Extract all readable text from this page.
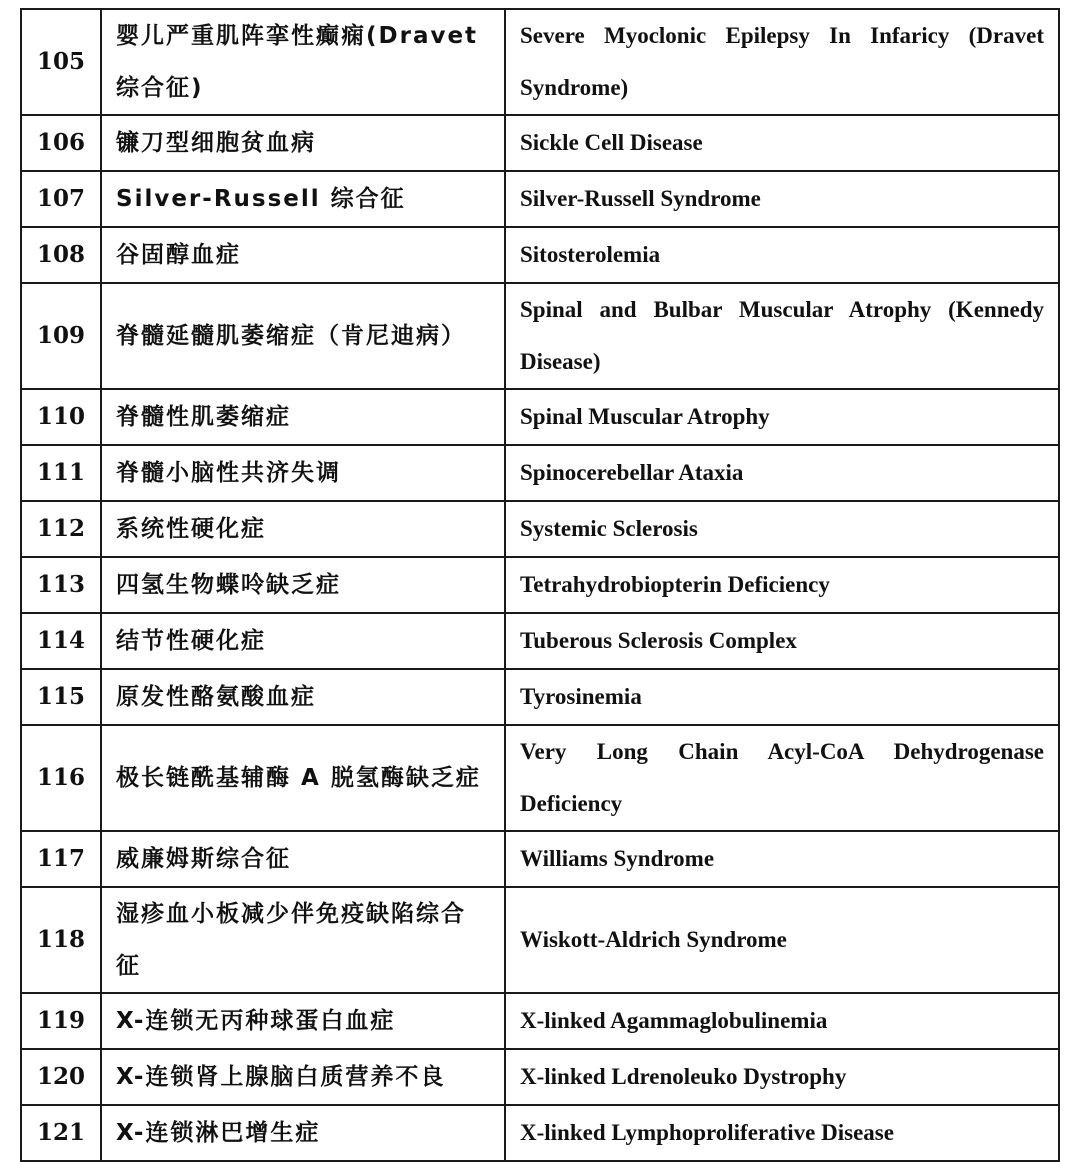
105	婴儿严重肌阵挛性癫痫(Dravet 综合征)	Severe Myoclonic Epilepsy In Infaricy (Dravet Syndrome)
106	镰刀型细胞贫血病	Sickle Cell Disease
107	Silver-Russell 综合征	Silver-Russell Syndrome
108	谷固醇血症	Sitosterolemia
109	脊髓延髓肌萎缩症（肯尼迪病）	Spinal and Bulbar Muscular Atrophy (Kennedy Disease)
110	脊髓性肌萎缩症	Spinal Muscular Atrophy
111	脊髓小脑性共济失调	Spinocerebellar Ataxia
112	系统性硬化症	Systemic Sclerosis
113	四氢生物蝶呤缺乏症	Tetrahydrobiopterin Deficiency
114	结节性硬化症	Tuberous Sclerosis Complex
115	原发性酪氨酸血症	Tyrosinemia
116	极长链酰基辅酶 A 脱氢酶缺乏症	Very Long Chain Acyl-CoA Dehydrogenase Deficiency
117	威廉姆斯综合征	Williams Syndrome
118	湿疹血小板减少伴免疫缺陷综合征	Wiskott-Aldrich Syndrome
119	X-连锁无丙种球蛋白血症	X-linked Agammaglobulinemia
120	X-连锁肾上腺脑白质营养不良	X-linked Ldrenoleuko Dystrophy
121	X-连锁淋巴增生症	X-linked Lymphoproliferative Disease
